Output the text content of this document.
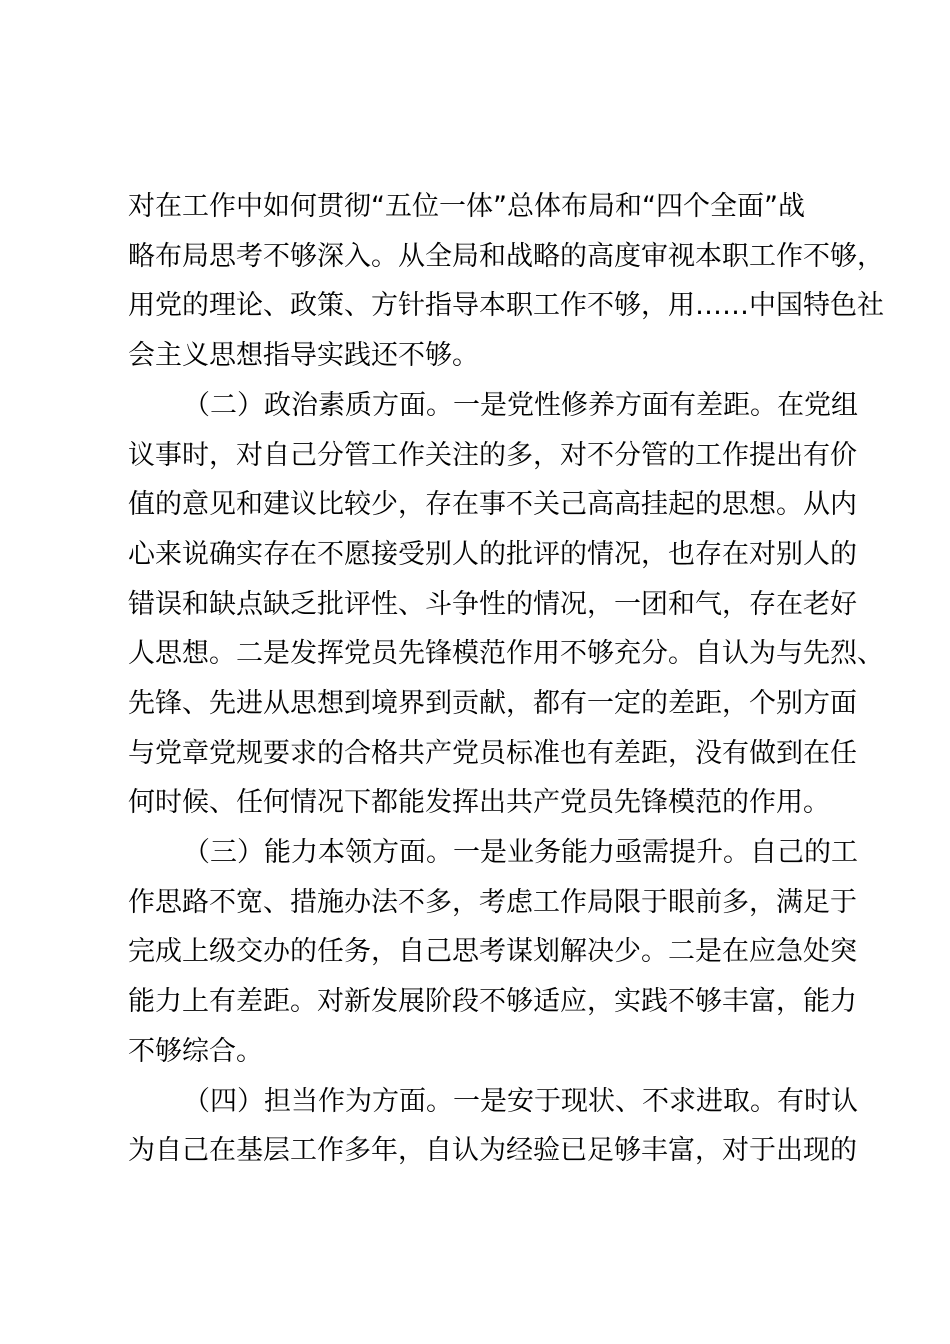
对在工作中如何贯彻“五位一体”总体布局和“四个全面”战
略布局思考不够深入。从全局和战略的高度审视本职工作不够，
用党的理论、政策、方针指导本职工作不够，用……中国特色社
会主义思想指导实践还不够。
（二）政治素质方面。一是党性修养方面有差距。在党组
议事时，对自己分管工作关注的多，对不分管的工作提出有价
值的意见和建议比较少，存在事不关己高高挂起的思想。从内
心来说确实存在不愿接受别人的批评的情况，也存在对别人的
错误和缺点缺乏批评性、斗争性的情况，一团和气，存在老好
人思想。二是发挥党员先锋模范作用不够充分。自认为与先烈、
先锋、先进从思想到境界到贡献，都有一定的差距，个别方面
与党章党规要求的合格共产党员标准也有差距，没有做到在任
何时候、任何情况下都能发挥出共产党员先锋模范的作用。
（三）能力本领方面。一是业务能力亟需提升。自己的工
作思路不宽、措施办法不多，考虑工作局限于眼前多，满足于
完成上级交办的任务，自己思考谋划解决少。二是在应急处突
能力上有差距。对新发展阶段不够适应，实践不够丰富，能力
不够综合。
（四）担当作为方面。一是安于现状、不求进取。有时认
为自己在基层工作多年，自认为经验已足够丰富，对于出现的
